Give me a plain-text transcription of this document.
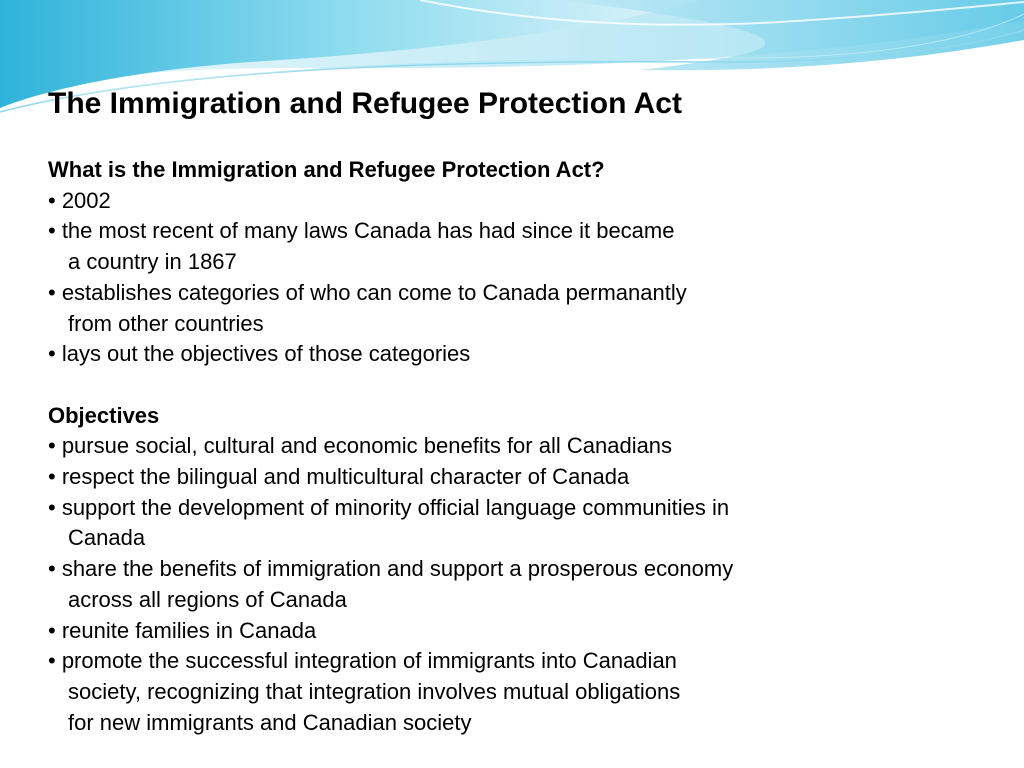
The Immigration and Refugee Protection Act
What is the Immigration and Refugee Protection Act?
• 2002
• the most recent of many laws Canada has had since it became
a country in 1867
• establishes categories of who can come to Canada permanantly
from other countries
• lays out the objectives of those categories
Objectives
• pursue social, cultural and economic benefits for all Canadians
• respect the bilingual and multicultural character of Canada
• support the development of minority official language communities in
Canada
• share the benefits of immigration and support a prosperous economy
across all regions of Canada
• reunite families in Canada
• promote the successful integration of immigrants into Canadian
society, recognizing that integration involves mutual obligations
for new immigrants and Canadian society
